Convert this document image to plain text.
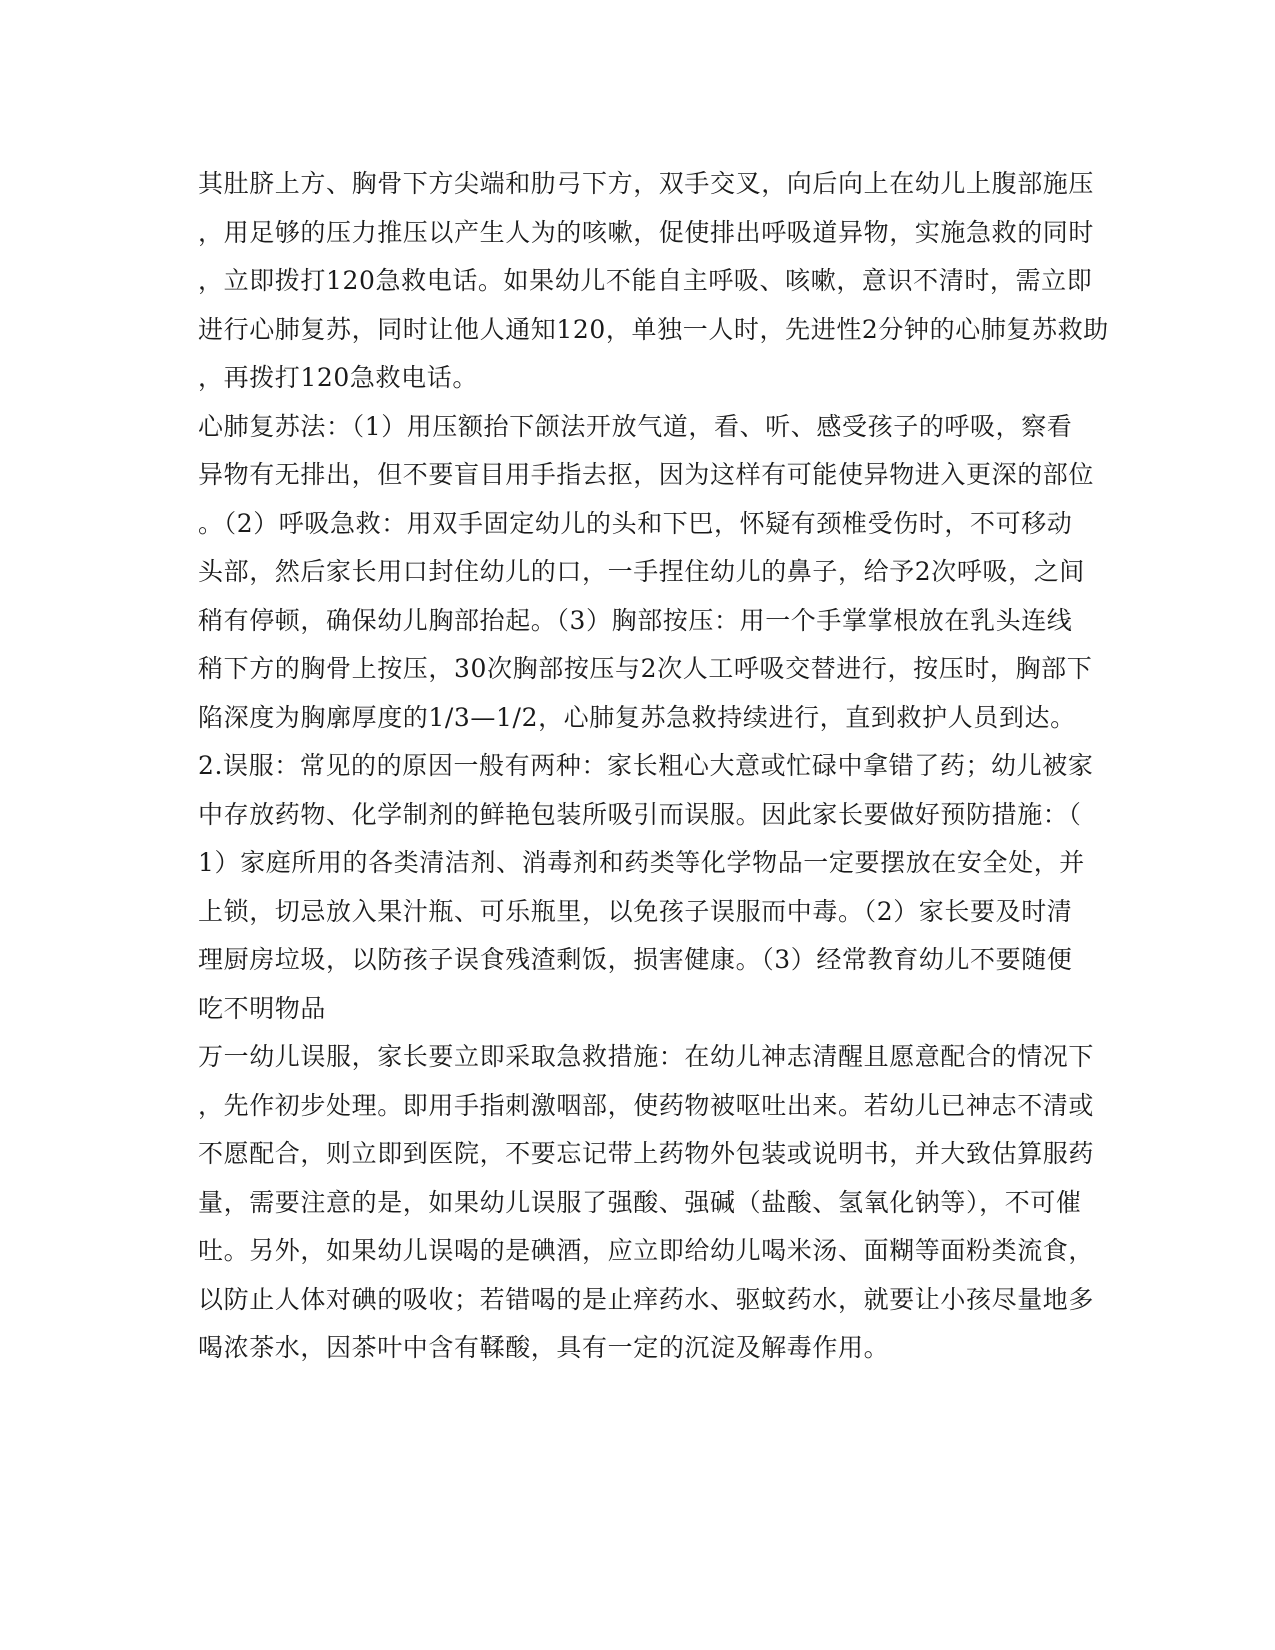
其肚脐上方、胸骨下方尖端和肋弓下方，双手交叉，向后向上在幼儿上腹部施压
，用足够的压力推压以产生人为的咳嗽，促使排出呼吸道异物，实施急救的同时
，立即拨打120急救电话。如果幼儿不能自主呼吸、咳嗽，意识不清时，需立即
进行心肺复苏，同时让他人通知120，单独一人时，先进性2分钟的心肺复苏救助
，再拨打120急救电话。
心肺复苏法：（1）用压额抬下颌法开放气道，看、听、感受孩子的呼吸，察看
异物有无排出，但不要盲目用手指去抠，因为这样有可能使异物进入更深的部位
。（2）呼吸急救：用双手固定幼儿的头和下巴，怀疑有颈椎受伤时，不可移动
头部，然后家长用口封住幼儿的口，一手捏住幼儿的鼻子，给予2次呼吸，之间
稍有停顿，确保幼儿胸部抬起。（3）胸部按压：用一个手掌掌根放在乳头连线
稍下方的胸骨上按压，30次胸部按压与2次人工呼吸交替进行，按压时，胸部下
陷深度为胸廓厚度的1/3—1/2，心肺复苏急救持续进行，直到救护人员到达。
2.误服：常见的的原因一般有两种：家长粗心大意或忙碌中拿错了药；幼儿被家
中存放药物、化学制剂的鲜艳包装所吸引而误服。因此家长要做好预防措施：（
1）家庭所用的各类清洁剂、消毒剂和药类等化学物品一定要摆放在安全处，并
上锁，切忌放入果汁瓶、可乐瓶里，以免孩子误服而中毒。（2）家长要及时清
理厨房垃圾，以防孩子误食残渣剩饭，损害健康。（3）经常教育幼儿不要随便
吃不明物品
万一幼儿误服，家长要立即采取急救措施：在幼儿神志清醒且愿意配合的情况下
，先作初步处理。即用手指刺激咽部，使药物被呕吐出来。若幼儿已神志不清或
不愿配合，则立即到医院，不要忘记带上药物外包装或说明书，并大致估算服药
量，需要注意的是，如果幼儿误服了强酸、强碱（盐酸、氢氧化钠等），不可催
吐。另外，如果幼儿误喝的是碘酒，应立即给幼儿喝米汤、面糊等面粉类流食，
以防止人体对碘的吸收；若错喝的是止痒药水、驱蚊药水，就要让小孩尽量地多
喝浓茶水，因茶叶中含有鞣酸，具有一定的沉淀及解毒作用。
